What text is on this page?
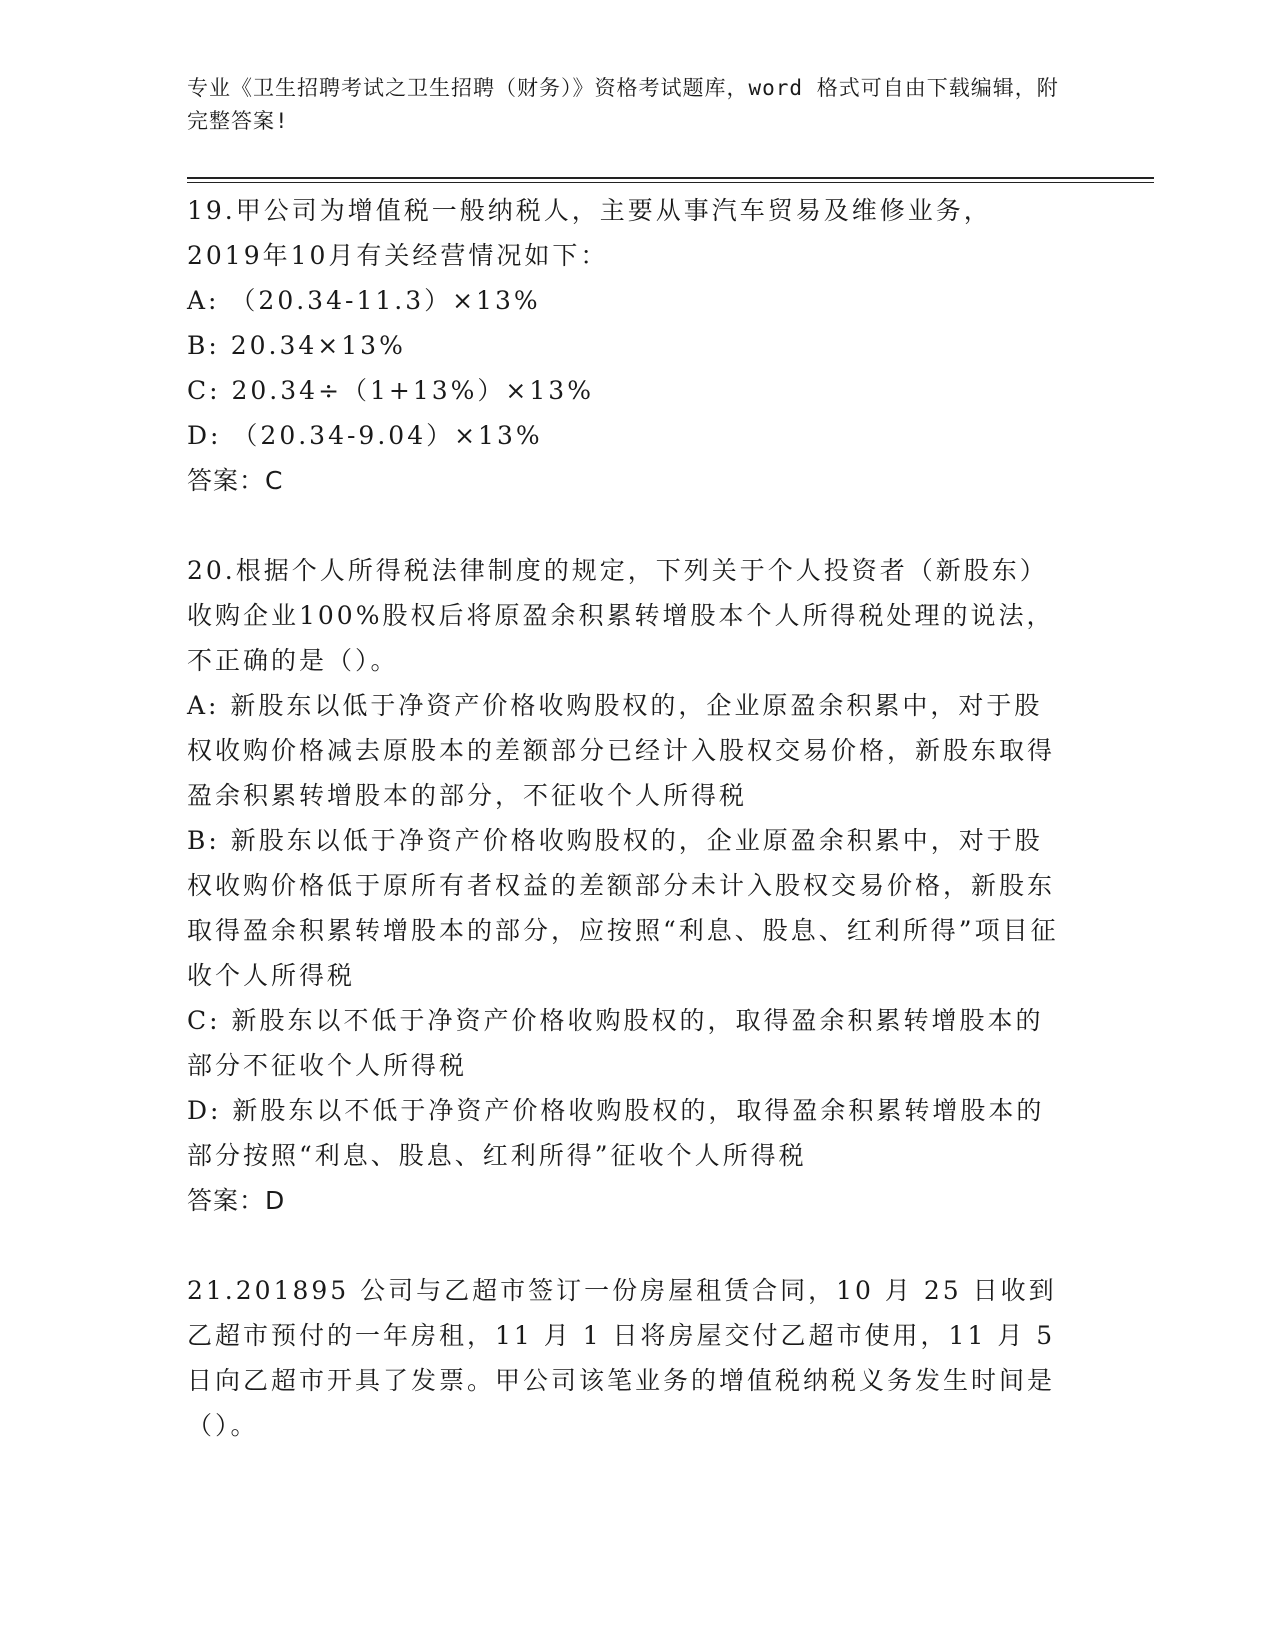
专业《卫生招聘考试之卫生招聘（财务）》资格考试题库，word 格式可自由下载编辑，附完整答案!
19.甲公司为增值税一般纳税人，主要从事汽车贸易及维修业务，2019年10月有关经营情况如下：
A: （20.34-11.3）×13%
B: 20.34×13%
C: 20.34÷（1+13%）×13%
D: （20.34-9.04）×13%
答案：C
20.根据个人所得税法律制度的规定，下列关于个人投资者（新股东）收购企业100%股权后将原盈余积累转增股本个人所得税处理的说法，不正确的是（）。
A: 新股东以低于净资产价格收购股权的，企业原盈余积累中，对于股权收购价格减去原股本的差额部分已经计入股权交易价格，新股东取得盈余积累转增股本的部分，不征收个人所得税
B: 新股东以低于净资产价格收购股权的，企业原盈余积累中，对于股权收购价格低于原所有者权益的差额部分未计入股权交易价格，新股东取得盈余积累转增股本的部分，应按照“利息、股息、红利所得”项目征收个人所得税
C: 新股东以不低于净资产价格收购股权的，取得盈余积累转增股本的部分不征收个人所得税
D: 新股东以不低于净资产价格收购股权的，取得盈余积累转增股本的部分按照“利息、股息、红利所得”征收个人所得税
答案：D
21.201895 公司与乙超市签订一份房屋租赁合同，10 月 25 日收到乙超市预付的一年房租，11 月 1 日将房屋交付乙超市使用，11 月 5 日向乙超市开具了发票。甲公司该笔业务的增值税纳税义务发生时间是（）。
